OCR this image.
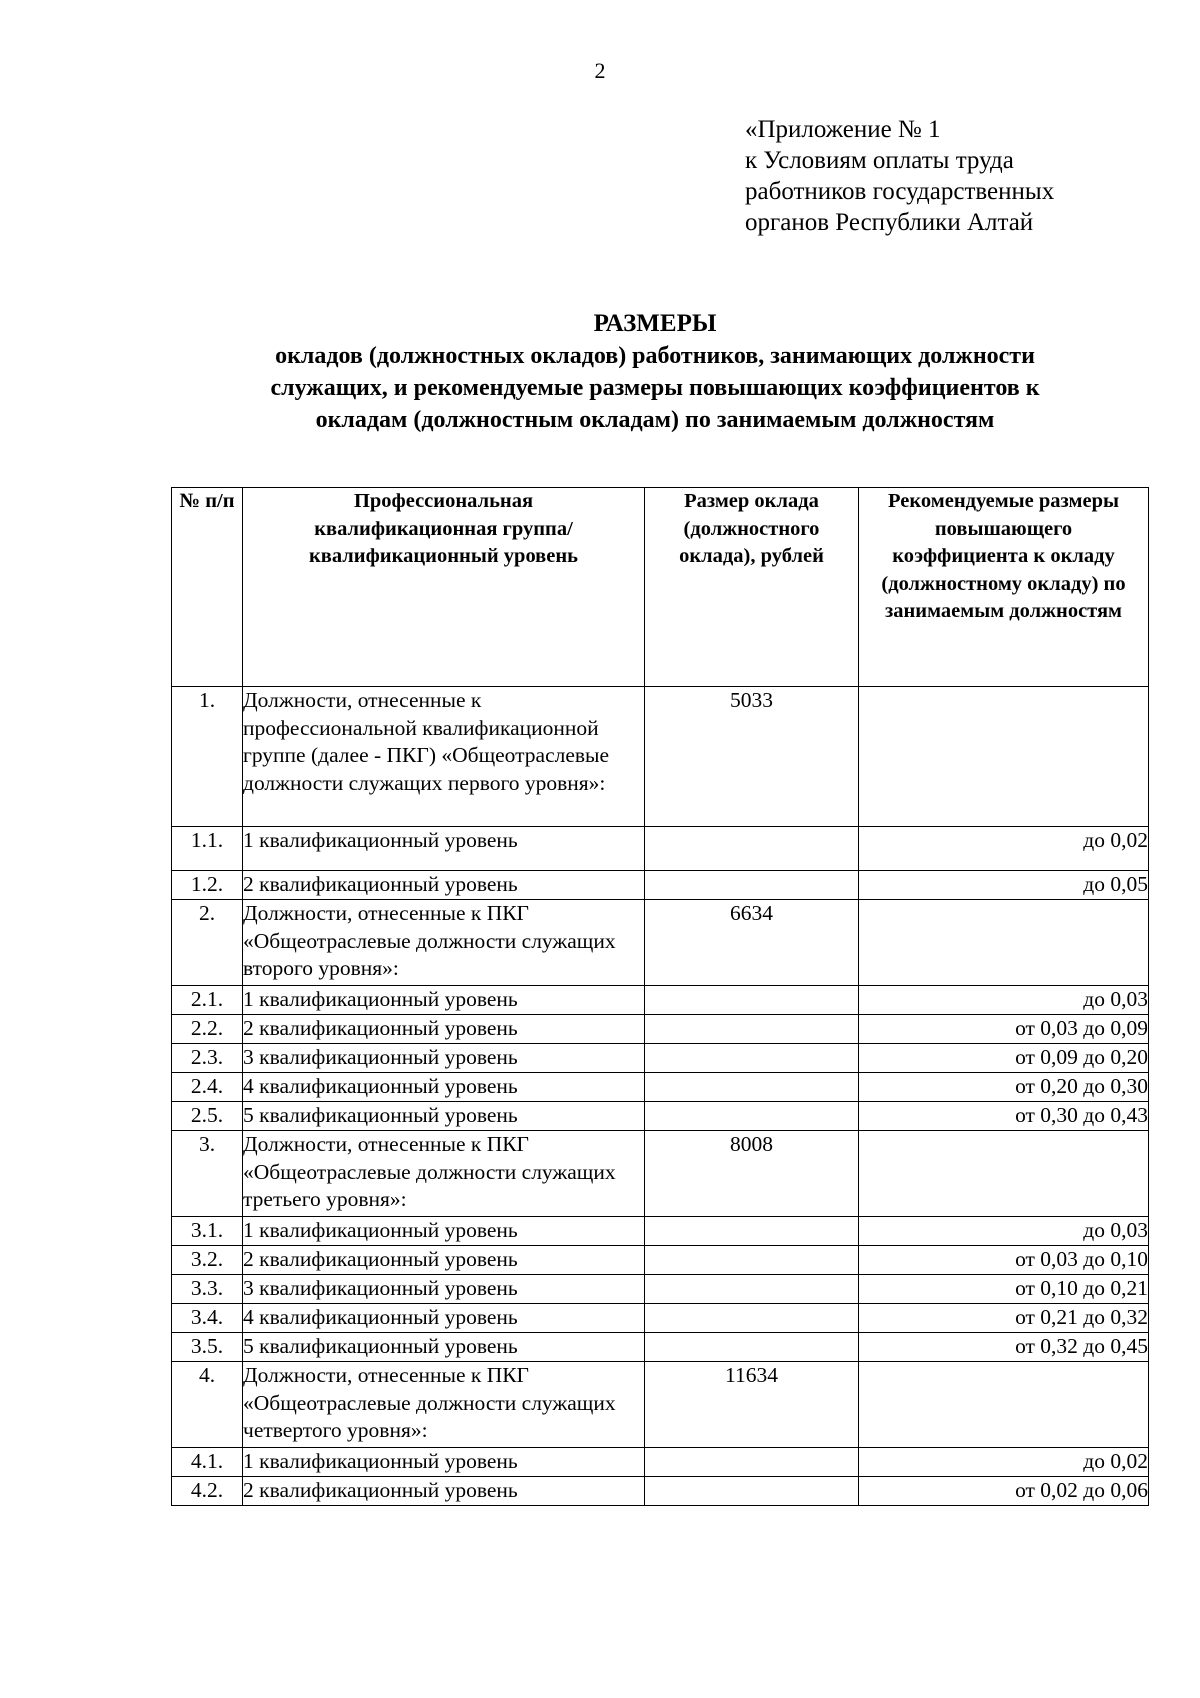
2
«Приложение № 1
к Условиям оплаты труда
работников государственных
органов Республики Алтай
РАЗМЕРЫ
окладов (должностных окладов) работников, занимающих должности
служащих, и рекомендуемые размеры повышающих коэффициентов к
окладам (должностным окладам) по занимаемым должностям
№ п/п	Профессиональная квалификационная группа/квалификационный уровень	Размер оклада (должностного оклада), рублей	Рекомендуемые размеры повышающего коэффициента к окладу (должностному окладу) по занимаемым должностям
1.	Должности, отнесенные к профессиональной квалификационной группе (далее - ПКГ) «Общеотраслевые должности служащих первого уровня»:	5033	
1.1.	1 квалификационный уровень		до 0,02
1.2.	2 квалификационный уровень		до 0,05
2.	Должности, отнесенные к ПКГ «Общеотраслевые должности служащих второго уровня»:	6634	
2.1.	1 квалификационный уровень		до 0,03
2.2.	2 квалификационный уровень		от 0,03 до 0,09
2.3.	3 квалификационный уровень		от 0,09 до 0,20
2.4.	4 квалификационный уровень		от 0,20 до 0,30
2.5.	5 квалификационный уровень		от 0,30 до 0,43
3.	Должности, отнесенные к ПКГ «Общеотраслевые должности служащих третьего уровня»:	8008	
3.1.	1 квалификационный уровень		до 0,03
3.2.	2 квалификационный уровень		от 0,03 до 0,10
3.3.	3 квалификационный уровень		от 0,10 до 0,21
3.4.	4 квалификационный уровень		от 0,21 до 0,32
3.5.	5 квалификационный уровень		от 0,32 до 0,45
4.	Должности, отнесенные к ПКГ «Общеотраслевые должности служащих четвертого уровня»:	11634	
4.1.	1 квалификационный уровень		до 0,02
4.2.	2 квалификационный уровень		от 0,02 до 0,06
